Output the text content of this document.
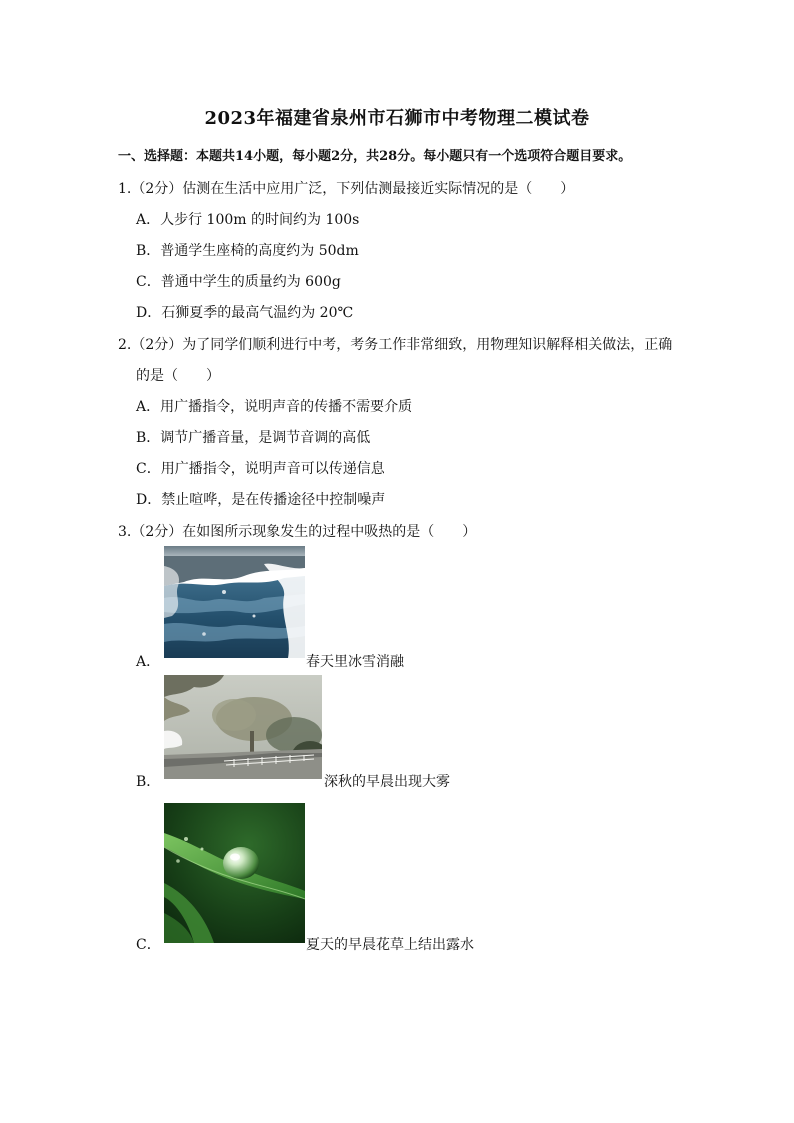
2023年福建省泉州市石狮市中考物理二模试卷
一、选择题：本题共14小题，每小题2分，共28分。每小题只有一个选项符合题目要求。
1.（2分）估测在生活中应用广泛，下列估测最接近实际情况的是（　　）
A．人步行 100m 的时间约为 100s
B．普通学生座椅的高度约为 50dm
C．普通中学生的质量约为 600g
D．石狮夏季的最高气温约为 20℃
2.（2分）为了同学们顺利进行中考，考务工作非常细致，用物理知识解释相关做法，正确
的是（　　）
A．用广播指令，说明声音的传播不需要介质
B．调节广播音量，是调节音调的高低
C．用广播指令，说明声音可以传递信息
D．禁止喧哗，是在传播途径中控制噪声
3.（2分）在如图所示现象发生的过程中吸热的是（　　）
A．	春天里冰雪消融
B．	深秋的早晨出现大雾
C．	夏天的早晨花草上结出露水
